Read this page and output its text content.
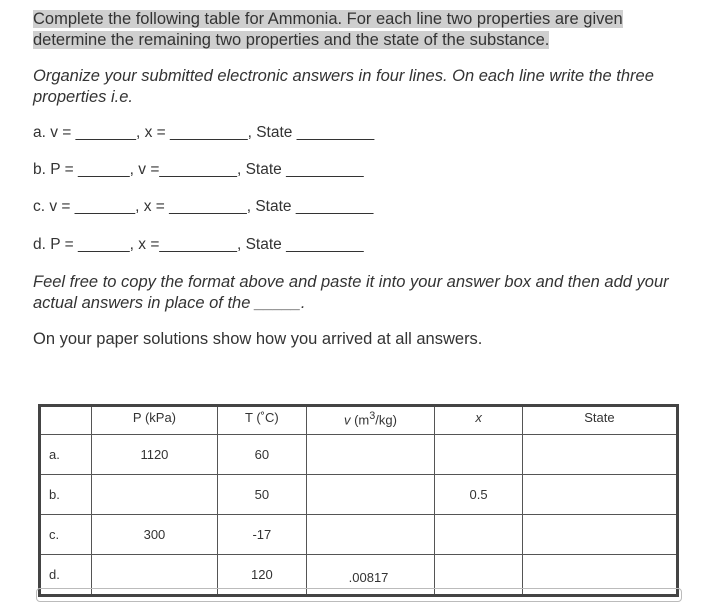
Complete the following table for Ammonia. For each line two properties are given determine the remaining two properties and the state of the substance.
Organize your submitted electronic answers in four lines. On each line write the three properties i.e.
a. v = _______, x = _________, State _________
b. P = ______, v =_________, State _________
c. v = _______, x = _________, State _________
d. P = ______, x =_________, State _________
Feel free to copy the format above and paste it into your answer box and then add your actual answers in place of the _____.
On your paper solutions show how you arrived at all answers.
	P (kPa)	T (˚C)	v $(m^3/kg)$	x	State
a.	1120	60			
b.		50		0.5	
c.	300	-17			
d.		120	.00817		
